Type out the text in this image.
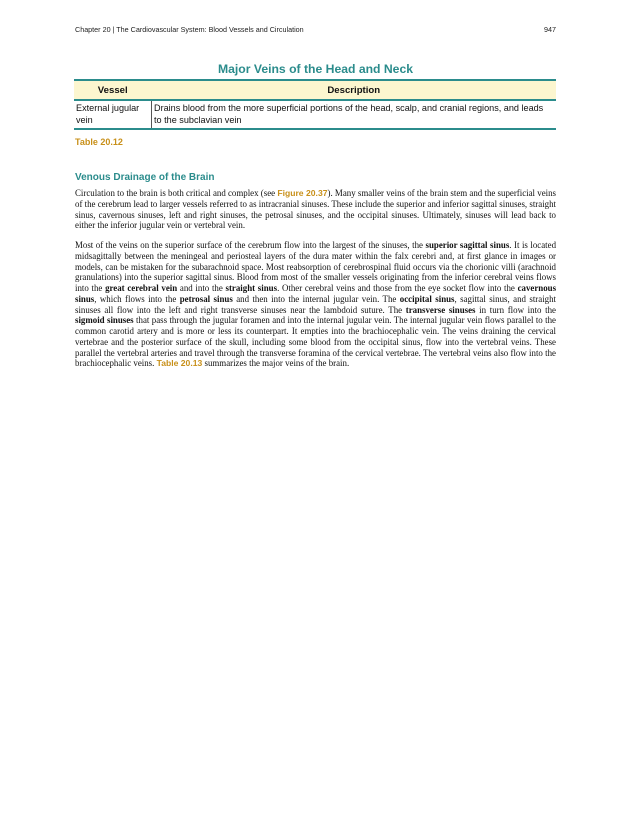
Chapter 20 | The Cardiovascular System: Blood Vessels and Circulation	947
Major Veins of the Head and Neck
Vessel	Description
External jugular vein	Drains blood from the more superficial portions of the head, scalp, and cranial regions, and leads to the subclavian vein
Table 20.12
Venous Drainage of the Brain

Circulation to the brain is both critical and complex (see Figure 20.37). Many smaller veins of the brain stem and the superficial veins of the cerebrum lead to larger vessels referred to as intracranial sinuses. These include the superior and inferior sagittal sinuses, straight sinus, cavernous sinuses, left and right sinuses, the petrosal sinuses, and the occipital sinuses. Ultimately, sinuses will lead back to either the inferior jugular vein or vertebral vein.

Most of the veins on the superior surface of the cerebrum flow into the largest of the sinuses, the superior sagittal sinus. It is located midsagittally between the meningeal and periosteal layers of the dura mater within the falx cerebri and, at first glance in images or models, can be mistaken for the subarachnoid space. Most reabsorption of cerebrospinal fluid occurs via the chorionic villi (arachnoid granulations) into the superior sagittal sinus. Blood from most of the smaller vessels originating from the inferior cerebral veins flows into the great cerebral vein and into the straight sinus. Other cerebral veins and those from the eye socket flow into the cavernous sinus, which flows into the petrosal sinus and then into the internal jugular vein. The occipital sinus, sagittal sinus, and straight sinuses all flow into the left and right transverse sinuses near the lambdoid suture. The transverse sinuses in turn flow into the sigmoid sinuses that pass through the jugular foramen and into the internal jugular vein. The internal jugular vein flows parallel to the common carotid artery and is more or less its counterpart. It empties into the brachiocephalic vein. The veins draining the cervical vertebrae and the posterior surface of the skull, including some blood from the occipital sinus, flow into the vertebral veins. These parallel the vertebral arteries and travel through the transverse foramina of the cervical vertebrae. The vertebral veins also flow into the brachiocephalic veins. Table 20.13 summarizes the major veins of the brain.
